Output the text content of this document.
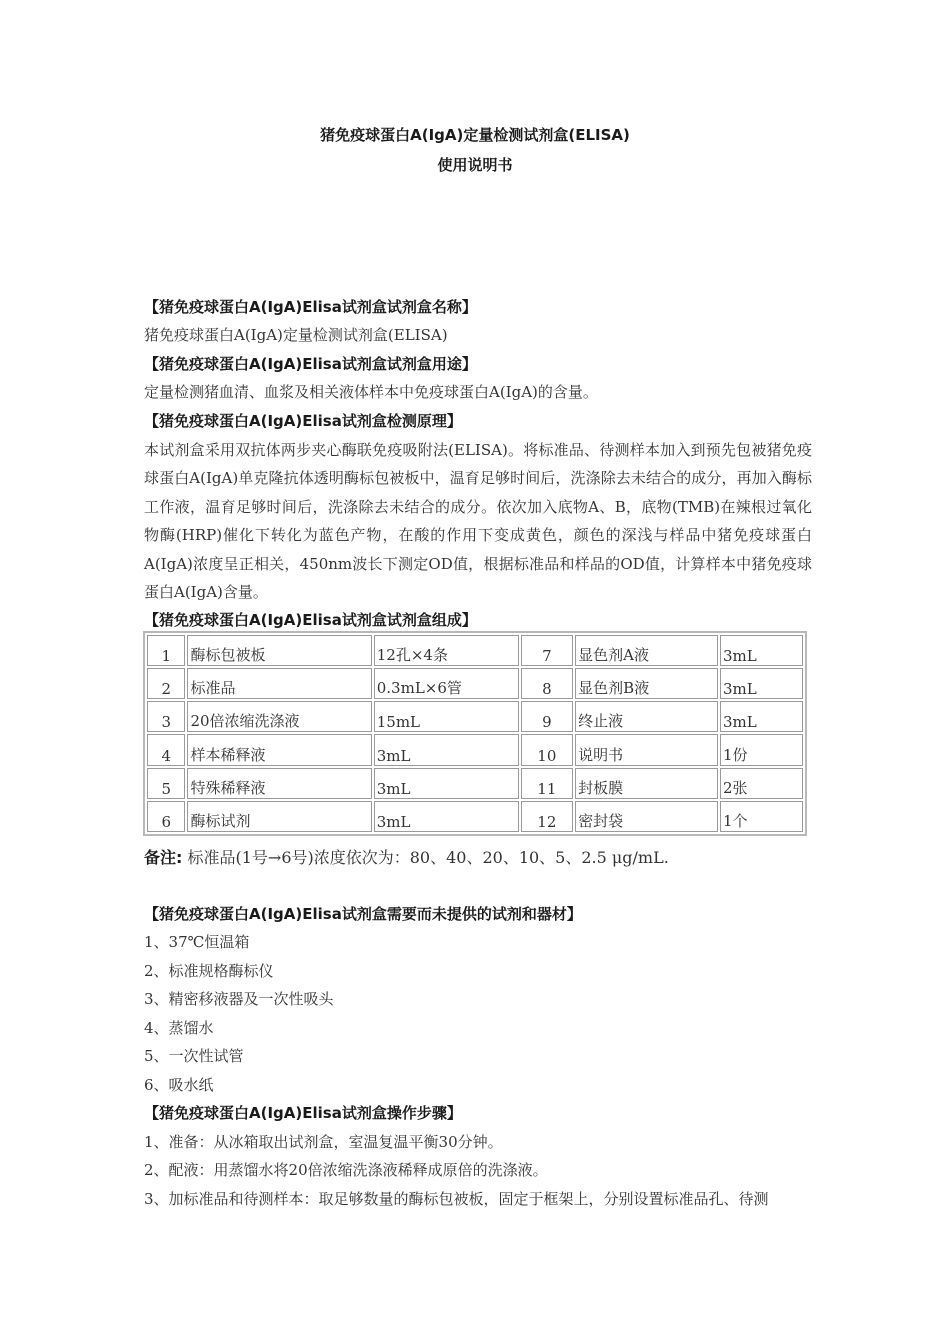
猪免疫球蛋白A(IgA)定量检测试剂盒(ELISA)
使用说明书
【猪免疫球蛋白A(IgA)Elisa试剂盒试剂盒名称】
猪免疫球蛋白A(IgA)定量检测试剂盒(ELISA)
【猪免疫球蛋白A(IgA)Elisa试剂盒试剂盒用途】
定量检测猪血清、血浆及相关液体样本中免疫球蛋白A(IgA)的含量。
【猪免疫球蛋白A(IgA)Elisa试剂盒检测原理】

本试剂盒采用双抗体两步夹心酶联免疫吸附法(ELISA)。将标准品、待测样本加入到预先包被猪免疫球蛋白A(IgA)单克隆抗体透明酶标包被板中，温育足够时间后，洗涤除去未结合的成分，再加入酶标工作液，温育足够时间后，洗涤除去未结合的成分。依次加入底物A、B，底物(TMB)在辣根过氧化物酶(HRP)催化下转化为蓝色产物，在酸的作用下变成黄色，颜色的深浅与样品中猪免疫球蛋白A(IgA)浓度呈正相关，450nm波长下测定OD值，根据标准品和样品的OD值，计算样本中猪免疫球蛋白A(IgA)含量。

【猪免疫球蛋白A(IgA)Elisa试剂盒试剂盒组成】
1	酶标包被板	12孔×4条	7	显色剂A液	3mL
2	标准品	0.3mL×6管	8	显色剂B液	3mL
3	20倍浓缩洗涤液	15mL	9	终止液	3mL
4	样本稀释液	3mL	10	说明书	1份
5	特殊稀释液	3mL	11	封板膜	2张
6	酶标试剂	3mL	12	密封袋	1个
备注: 标准品(1号→6号)浓度依次为：80、40、20、10、5、2.5 μg/mL.
【猪免疫球蛋白A(IgA)Elisa试剂盒需要而未提供的试剂和器材】
1、37℃恒温箱
2、标准规格酶标仪
3、精密移液器及一次性吸头
4、蒸馏水
5、一次性试管
6、吸水纸
【猪免疫球蛋白A(IgA)Elisa试剂盒操作步骤】
1、准备：从冰箱取出试剂盒，室温复温平衡30分钟。
2、配液：用蒸馏水将20倍浓缩洗涤液稀释成原倍的洗涤液。
3、加标准品和待测样本：取足够数量的酶标包被板，固定于框架上，分别设置标准品孔、待测
